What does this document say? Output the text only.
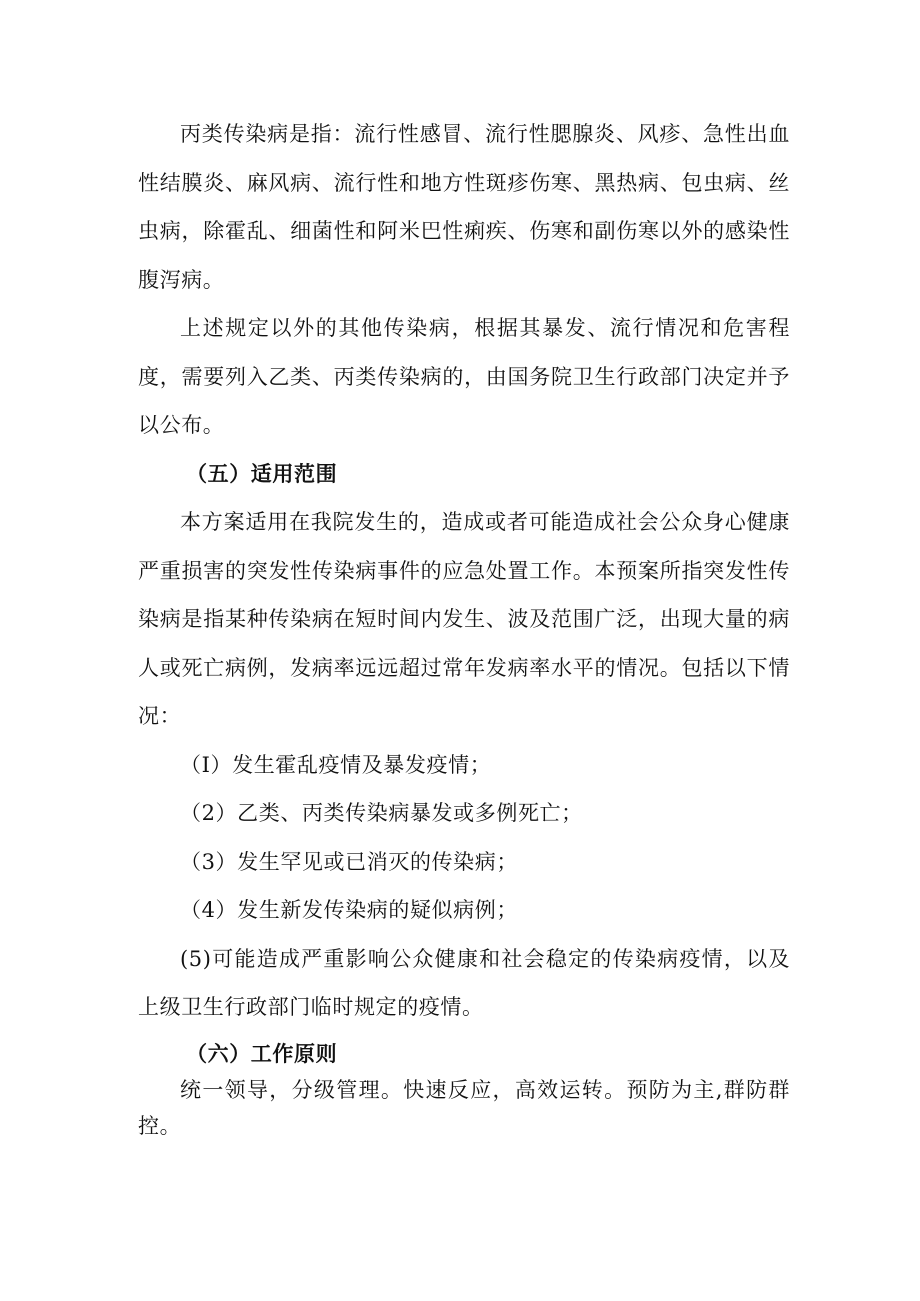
丙类传染病是指：流行性感冒、流行性腮腺炎、风疹、急性出血性结膜炎、麻风病、流行性和地方性斑疹伤寒、黑热病、包虫病、丝虫病，除霍乱、细菌性和阿米巴性痢疾、伤寒和副伤寒以外的感染性腹泻病。

上述规定以外的其他传染病，根据其暴发、流行情况和危害程度，需要列入乙类、丙类传染病的，由国务院卫生行政部门决定并予以公布。

（五）适用范围

本方案适用在我院发生的，造成或者可能造成社会公众身心健康严重损害的突发性传染病事件的应急处置工作。本预案所指突发性传染病是指某种传染病在短时间内发生、波及范围广泛，出现大量的病人或死亡病例，发病率远远超过常年发病率水平的情况。包括以下情况：

（I）发生霍乱疫情及暴发疫情；

（2）乙类、丙类传染病暴发或多例死亡；

（3）发生罕见或已消灭的传染病；

（4）发生新发传染病的疑似病例；

(5)可能造成严重影响公众健康和社会稳定的传染病疫情，以及上级卫生行政部门临时规定的疫情。

（六）工作原则

统一领导，分级管理。快速反应，高效运转。预防为主,群防群控。
